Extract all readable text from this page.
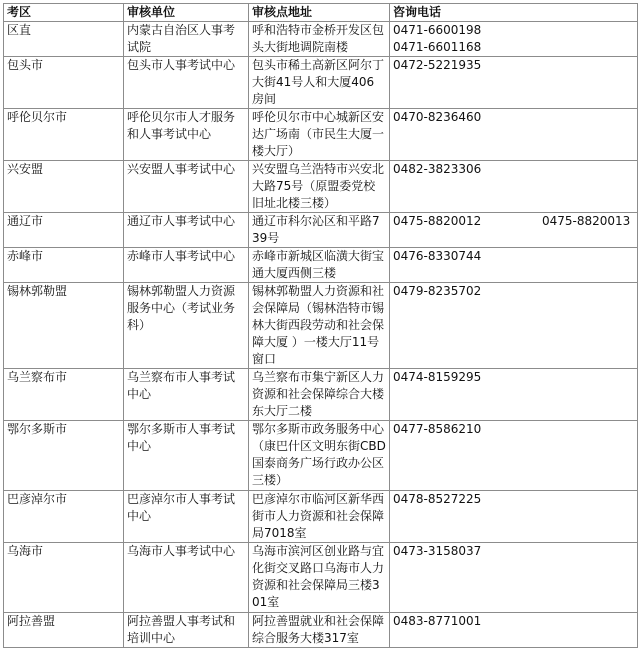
考区	审核单位	审核点地址	咨询电话
区直	内蒙古自治区人事考试院	呼和浩特市金桥开发区包头大街地调院南楼	0471-6600198
0471-6601168

包头市	包头市人事考试中心	包头市稀土高新区阿尔丁大街41号人和大厦406房间	0472-5221935

呼伦贝尔市	呼伦贝尔市人才服务和人事考试中心	呼伦贝尔市中心城新区安达广场南（市民生大厦一楼大厅）	0470-8236460

兴安盟	兴安盟人事考试中心	兴安盟乌兰浩特市兴安北大路75号（原盟委党校旧址北楼三楼）	0482-3823306

通辽市	通辽市人事考试中心	通辽市科尔沁区和平路739号	0475-8820012 0475-8820013

赤峰市	赤峰市人事考试中心	赤峰市新城区临潢大街宝通大厦西侧三楼	0476-8330744

锡林郭勒盟	锡林郭勒盟人力资源服务中心（考试业务科）	锡林郭勒盟人力资源和社会保障局（锡林浩特市锡林大街西段劳动和社会保障大厦 ）一楼大厅11号窗口	0479-8235702

乌兰察布市	乌兰察布市人事考试中心	乌兰察布市集宁新区人力资源和社会保障综合大楼东大厅二楼	0474-8159295

鄂尔多斯市	鄂尔多斯市人事考试中心	鄂尔多斯市政务服务中心（康巴什区文明东街CBD国泰商务广场行政办公区三楼）	0477-8586210

巴彦淖尔市	巴彦淖尔市人事考试中心	巴彦淖尔市临河区新华西街市人力资源和社会保障局7018室	0478-8527225

乌海市	乌海市人事考试中心	乌海市滨河区创业路与宜化街交叉路口乌海市人力资源和社会保障局三楼301室	0473-3158037

阿拉善盟	阿拉善盟人事考试和培训中心	阿拉善盟就业和社会保障综合服务大楼317室	0483-8771001
